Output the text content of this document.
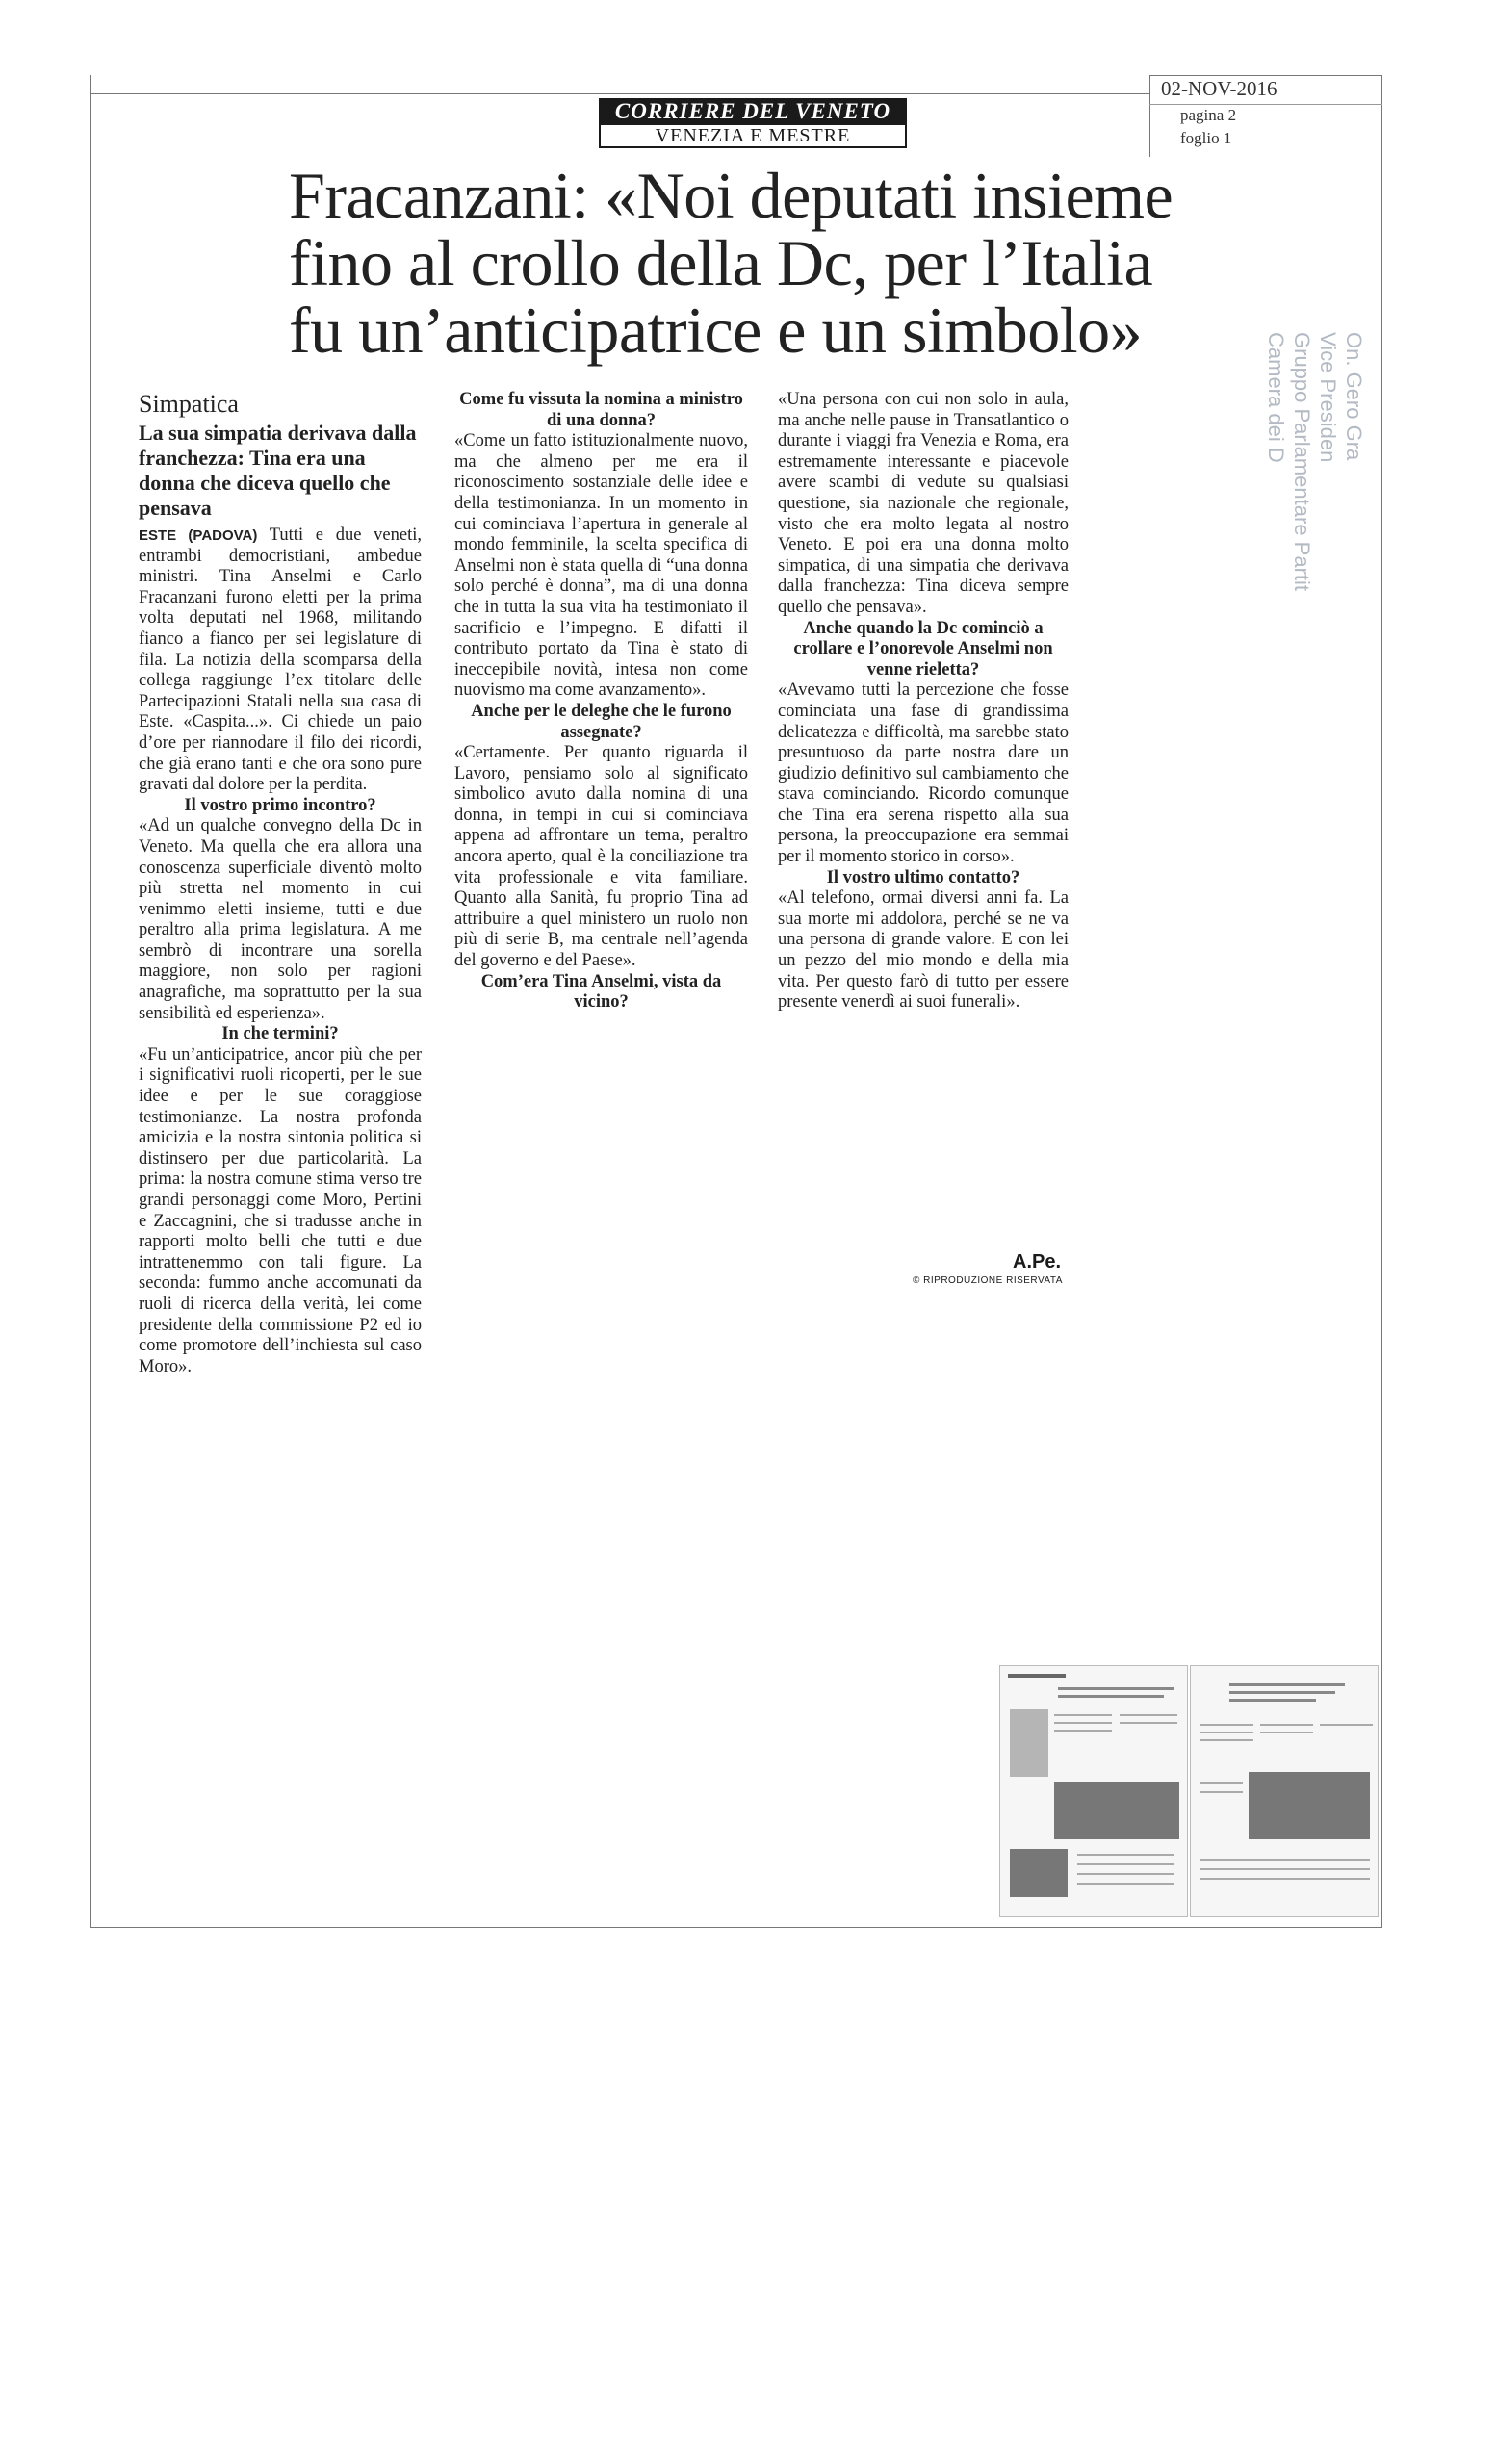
02-NOV-2016
pagina 2
foglio 1
CORRIERE DEL VENETO
VENEZIA E MESTRE
Fracanzani: «Noi deputati insieme fino al crollo della Dc, per l’Italia fu un’anticipatrice e un simbolo»
Simpatica
La sua simpatia derivava dalla franchezza: Tina era una donna che diceva quello che pensava

ESTE (PADOVA) Tutti e due veneti, entrambi democristiani, ambedue ministri. Tina Anselmi e Carlo Fracanzani furono eletti per la prima volta deputati nel 1968, militando fianco a fianco per sei legislature di fila. La notizia della scomparsa della collega raggiunge l’ex titolare delle Partecipazioni Statali nella sua casa di Este. «Caspita...». Ci chiede un paio d’ore per riannodare il filo dei ricordi, che già erano tanti e che ora sono pure gravati dal dolore per la perdita.

Il vostro primo incontro?

«Ad un qualche convegno della Dc in Veneto. Ma quella che era allora una conoscenza superficiale diventò molto più stretta nel momento in cui venimmo eletti insieme, tutti e due peraltro alla prima legislatura. A me sembrò di incontrare una sorella maggiore, non solo per ragioni anagrafiche, ma soprattutto per la sua sensibilità ed esperienza».

In che termini?

«Fu un’anticipatrice, ancor più che per i significativi ruoli ricoperti, per le sue idee e per le sue coraggiose testimonianze. La nostra profonda amicizia e la nostra sintonia politica si distinsero per due particolarità. La prima: la nostra comune stima verso tre grandi personaggi come Moro, Pertini e Zaccagnini, che si tradusse anche in rapporti molto belli che tutti e due intrattenemmo con tali figure. La seconda: fummo anche accomunati da ruoli di ricerca della verità, lei come presidente della commissione P2 ed io come promotore dell’inchiesta sul caso Moro».

Come fu vissuta la nomina a ministro di una donna?

«Come un fatto istituzionalmente nuovo, ma che almeno per me era il riconoscimento sostanziale delle idee e della testimonianza. In un momento in cui cominciava l’apertura in generale al mondo femminile, la scelta specifica di Anselmi non è stata quella di “una donna solo perché è donna”, ma di una donna che in tutta la sua vita ha testimoniato il sacrificio e l’impegno. E difatti il contributo portato da Tina è stato di ineccepibile novità, intesa non come nuovismo ma come avanzamento».

Anche per le deleghe che le furono assegnate?

«Certamente. Per quanto riguarda il Lavoro, pensiamo solo al significato simbolico avuto dalla nomina di una donna, in tempi in cui si cominciava appena ad affrontare un tema, peraltro ancora aperto, qual è la conciliazione tra vita professionale e vita familiare. Quanto alla Sanità, fu proprio Tina ad attribuire a quel ministero un ruolo non più di serie B, ma centrale nell’agenda del governo e del Paese».

Com’era Tina Anselmi, vista da vicino?

«Una persona con cui non solo in aula, ma anche nelle pause in Transatlantico o durante i viaggi fra Venezia e Roma, era estremamente interessante e piacevole avere scambi di vedute su qualsiasi questione, sia nazionale che regionale, visto che era molto legata al nostro Veneto. E poi era una donna molto simpatica, di una simpatia che derivava dalla franchezza: Tina diceva sempre quello che pensava».

Anche quando la Dc cominciò a crollare e l’onorevole Anselmi non venne rieletta?

«Avevamo tutti la percezione che fosse cominciata una fase di grandissima delicatezza e difficoltà, ma sarebbe stato presuntuoso da parte nostra dare un giudizio definitivo sul cambiamento che stava cominciando. Ricordo comunque che Tina era serena rispetto alla sua persona, la preoccupazione era semmai per il momento storico in corso».

Il vostro ultimo contatto?

«Al telefono, ormai diversi anni fa. La sua morte mi addolora, perché se ne va una persona di grande valore. E con lei un pezzo del mio mondo e della mia vita. Per questo farò di tutto per essere presente venerdì ai suoi funerali».

A.Pe.
© RIPRODUZIONE RISERVATA
On. Gero Gra
Vice Presiden
Gruppo Parlamentare Partit
Camera dei D
